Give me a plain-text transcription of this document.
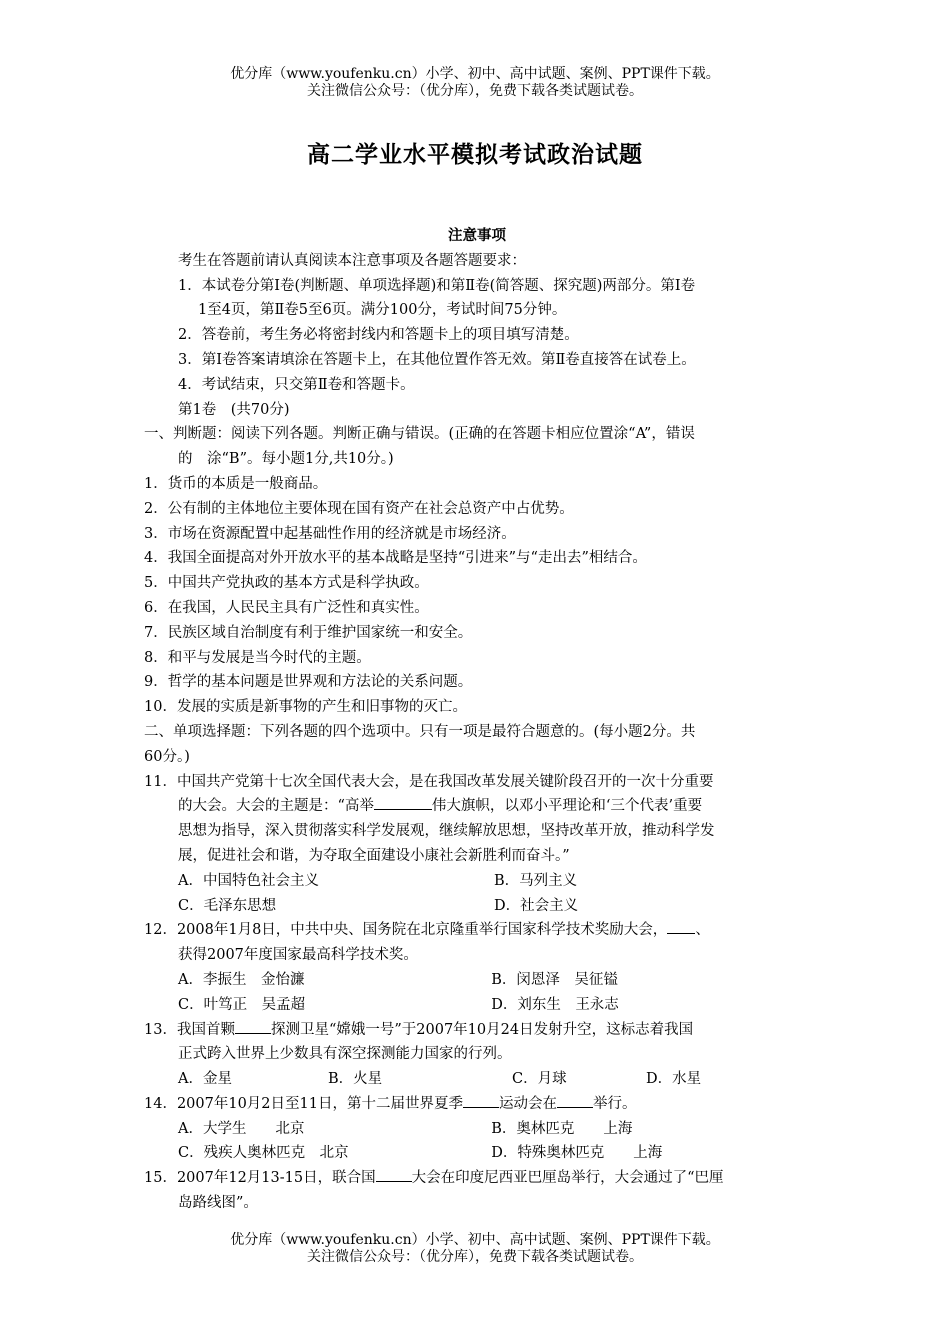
优分库（www.youfenku.cn）小学、初中、高中试题、案例、PPT课件下载。
关注微信公众号：（优分库），免费下载各类试题试卷。
高二学业水平模拟考试政治试题
注意事项
考生在答题前请认真阅读本注意事项及各题答题要求：
1．本试卷分第Ⅰ卷(判断题、单项选择题)和第Ⅱ卷(简答题、探究题)两部分。第Ⅰ卷
1至4页，第Ⅱ卷5至6页。满分100分，考试时间75分钟。
2．答卷前，考生务必将密封线内和答题卡上的项目填写清楚。
3．第Ⅰ卷答案请填涂在答题卡上，在其他位置作答无效。第Ⅱ卷直接答在试卷上。
4．考试结束，只交第Ⅱ卷和答题卡。
第1卷　(共70分)
一、判断题：阅读下列各题。判断正确与错误。(正确的在答题卡相应位置涂“A”，错误
的　涂“B”。每小题1分,共10分。)
1．货币的本质是一般商品。
2．公有制的主体地位主要体现在国有资产在社会总资产中占优势。
3．市场在资源配置中起基础性作用的经济就是市场经济。
4．我国全面提高对外开放水平的基本战略是坚持“引进来”与“走出去”相结合。
5．中国共产党执政的基本方式是科学执政。
6．在我国，人民民主具有广泛性和真实性。
7．民族区域自治制度有利于维护国家统一和安全。
8．和平与发展是当今时代的主题。
9．哲学的基本问题是世界观和方法论的关系问题。
10．发展的实质是新事物的产生和旧事物的灭亡。
二、单项选择题：下列各题的四个选项中。只有一项是最符合题意的。(每小题2分。共
60分。)
11．中国共产党第十七次全国代表大会，是在我国改革发展关键阶段召开的一次十分重要
的大会。大会的主题是：“高举	伟大旗帜，以邓小平理论和‘三个代表’重要
思想为指导，深入贯彻落实科学发展观，继续解放思想，坚持改革开放，推动科学发
展，促进社会和谐，为夺取全面建设小康社会新胜利而奋斗。”
A．中国特色社会主义	B．马列主义
C．毛泽东思想	D．社会主义
12．2008年1月8日，中共中央、国务院在北京隆重举行国家科学技术奖励大会， 、
获得2007年度国家最高科学技术奖。
A．李振生　金怡濂	B．闵恩泽　吴征镒
C．叶笃正　吴孟超	D．刘东生　王永志
13．我国首颗 探测卫星“嫦娥一号”于2007年10月24日发射升空，这标志着我国
正式跨入世界上少数具有深空探测能力国家的行列。
A．金星	B．火星	C．月球	D．水星
14．2007年10月2日至11日，第十二届世界夏季 运动会在 举行。
A．大学生　　北京	B．奥林匹克　　上海
C．残疾人奥林匹克　北京	D．特殊奥林匹克　　上海
15．2007年12月13-15日，联合国 大会在印度尼西亚巴厘岛举行，大会通过了“巴厘
岛路线图”。
优分库（www.youfenku.cn）小学、初中、高中试题、案例、PPT课件下载。
关注微信公众号：（优分库），免费下载各类试题试卷。
